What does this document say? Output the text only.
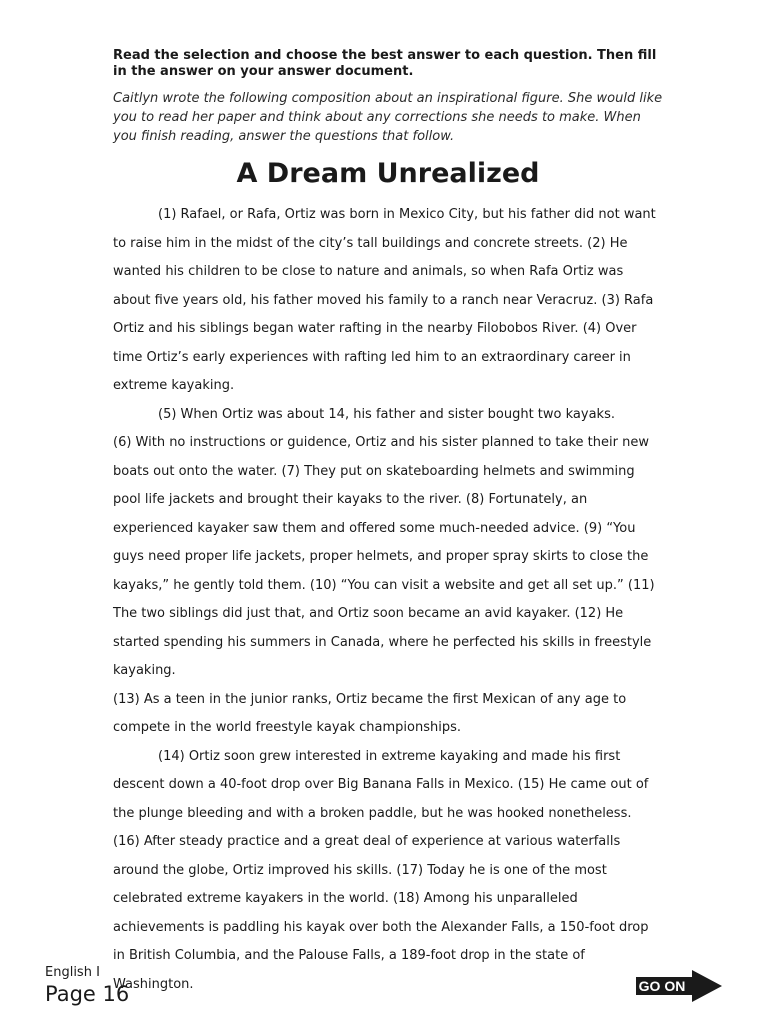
Read the selection and choose the best answer to each question. Then fill in the answer on your answer document.

Caitlyn wrote the following composition about an inspirational figure. She would like you to read her paper and think about any corrections she needs to make. When you finish reading, answer the questions that follow.

A Dream Unrealized

(1) Rafael, or Rafa, Ortiz was born in Mexico City, but his father did not want to raise him in the midst of the city’s tall buildings and concrete streets. (2) He wanted his children to be close to nature and animals, so when Rafa Ortiz was about five years old, his father moved his family to a ranch near Veracruz. (3) Rafa Ortiz and his siblings began water rafting in the nearby Filobobos River. (4) Over time Ortiz’s early experiences with rafting led him to an extraordinary career in extreme kayaking.

(5) When Ortiz was about 14, his father and sister bought two kayaks.

(6) With no instructions or guidence, Ortiz and his sister planned to take their new boats out onto the water. (7) They put on skateboarding helmets and swimming pool life jackets and brought their kayaks to the river. (8) Fortunately, an experienced kayaker saw them and offered some much-needed advice. (9) “You guys need proper life jackets, proper helmets, and proper spray skirts to close the kayaks,” he gently told them. (10) “You can visit a website and get all set up.” (11) The two siblings did just that, and Ortiz soon became an avid kayaker. (12) He started spending his summers in Canada, where he perfected his skills in freestyle kayaking.

(13) As a teen in the junior ranks, Ortiz became the first Mexican of any age to compete in the world freestyle kayak championships.

(14) Ortiz soon grew interested in extreme kayaking and made his first descent down a 40-foot drop over Big Banana Falls in Mexico. (15) He came out of the plunge bleeding and with a broken paddle, but he was hooked nonetheless.

(16) After steady practice and a great deal of experience at various waterfalls around the globe, Ortiz improved his skills. (17) Today he is one of the most celebrated extreme kayakers in the world. (18) Among his unparalleled achievements is paddling his kayak over both the Alexander Falls, a 150-foot drop in British Columbia, and the Palouse Falls, a 189-foot drop in the state of Washington.

English I
Page 16	GO ON
